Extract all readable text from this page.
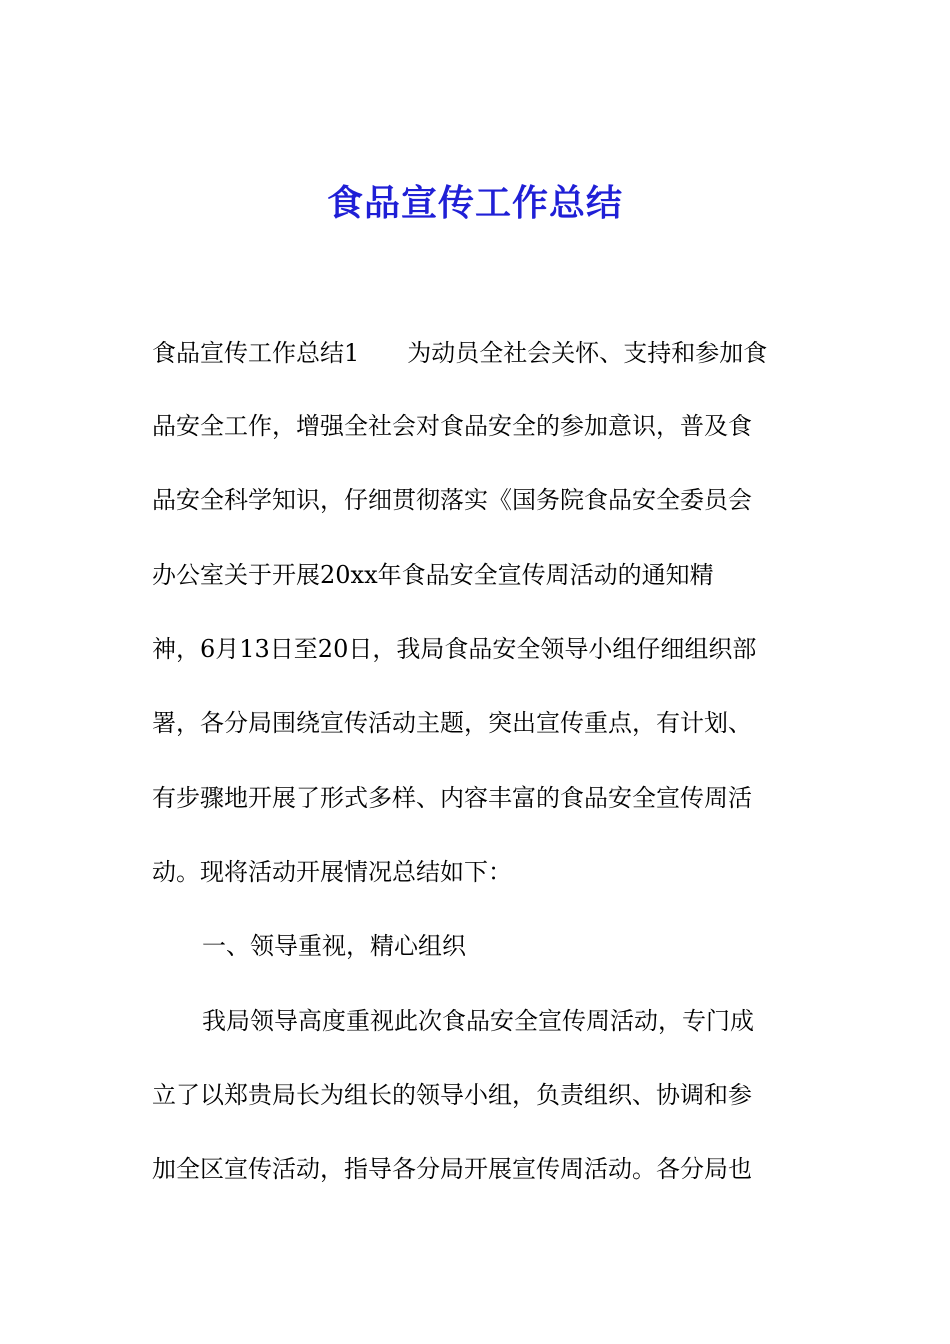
食品宣传工作总结
食品宣传工作总结1　　为动员全社会关怀、支持和参加食
品安全工作，增强全社会对食品安全的参加意识，普及食
品安全科学知识，仔细贯彻落实《国务院食品安全委员会
办公室关于开展20xx年食品安全宣传周活动的通知精
神，6月13日至20日，我局食品安全领导小组仔细组织部
署，各分局围绕宣传活动主题，突出宣传重点，有计划、
有步骤地开展了形式多样、内容丰富的食品安全宣传周活
动。现将活动开展情况总结如下：
一、领导重视，精心组织
我局领导高度重视此次食品安全宣传周活动，专门成
立了以郑贵局长为组长的领导小组，负责组织、协调和参
加全区宣传活动，指导各分局开展宣传周活动。各分局也
